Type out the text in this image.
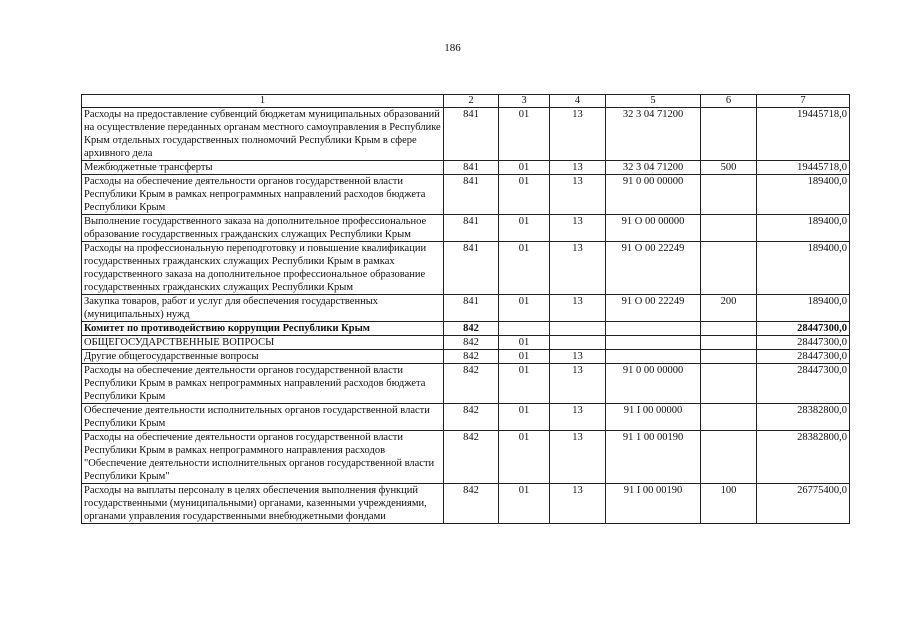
186
1	2	3	4	5	6	7
Расходы на предоставление субвенций бюджетам муниципальных образований на осуществление переданных органам местного самоуправления в Республике Крым отдельных государственных полномочий Республики Крым в сфере архивного дела	841	01	13	32 3 04 71200		19445718,0
Межбюджетные трансферты	841	01	13	32 3 04 71200	500	19445718,0
Расходы на обеспечение деятельности органов государственной власти Республики Крым в рамках непрограммных направлений расходов бюджета Республики Крым	841	01	13	91 0 00 00000		189400,0
Выполнение государственного заказа на дополнительное профессиональное образование государственных гражданских служащих Республики Крым	841	01	13	91 О 00 00000		189400,0
Расходы на профессиональную переподготовку и повышение квалификации государственных гражданских служащих Республики Крым в рамках государственного заказа на дополнительное профессиональное образование государственных гражданских служащих Республики Крым	841	01	13	91 О 00 22249		189400,0
Закупка товаров, работ и услуг для обеспечения государственных (муниципальных) нужд	841	01	13	91 О 00 22249	200	189400,0
Комитет по противодействию коррупции Республики Крым	842					28447300,0
ОБЩЕГОСУДАРСТВЕННЫЕ ВОПРОСЫ	842	01				28447300,0
Другие общегосударственные вопросы	842	01	13			28447300,0
Расходы на обеспечение деятельности органов государственной власти Республики Крым в рамках непрограммных направлений расходов бюджета Республики Крым	842	01	13	91 0 00 00000		28447300,0
Обеспечение деятельности исполнительных органов государственной власти Республики Крым	842	01	13	91 I 00 00000		28382800,0
Расходы на обеспечение деятельности органов государственной власти Республики Крым в рамках непрограммного направления расходов "Обеспечение деятельности исполнительных органов государственной власти Республики Крым"	842	01	13	91 1 00 00190		28382800,0
Расходы на выплаты персоналу в целях обеспечения выполнения функций государственными (муниципальными) органами, казенными учреждениями, органами управления государственными внебюджетными фондами	842	01	13	91 I 00 00190	100	26775400,0
